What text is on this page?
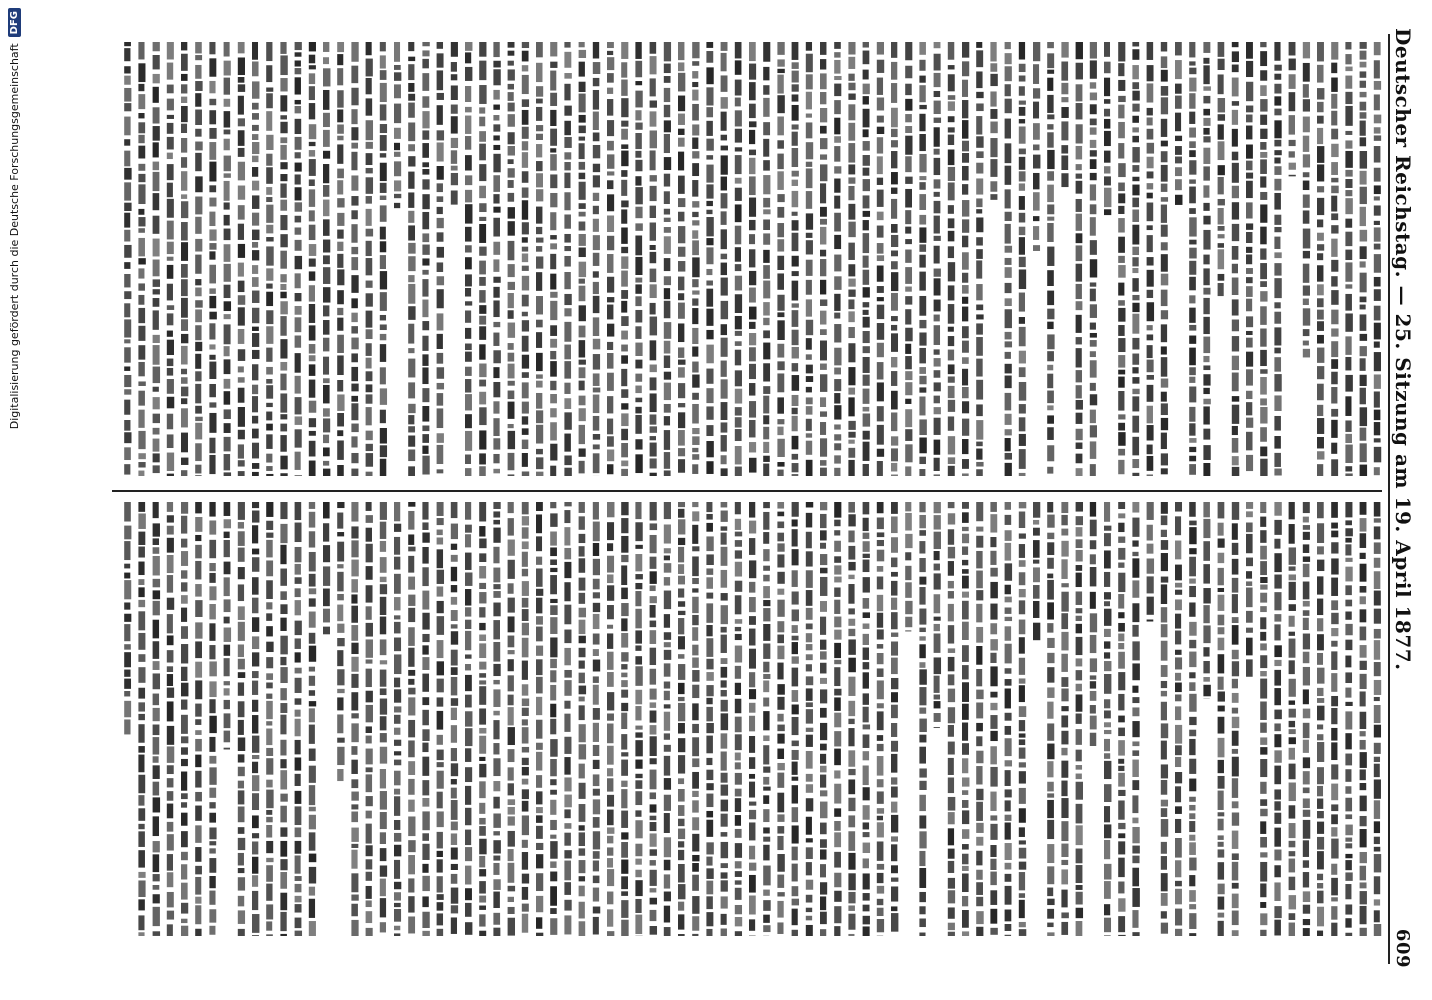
Deutscher Reichstag. — 25. Sitzung am 19. April 1877.
609
Digitalisierung gefördert durch die Deutsche Forschungsgemeinschaft
DFG
